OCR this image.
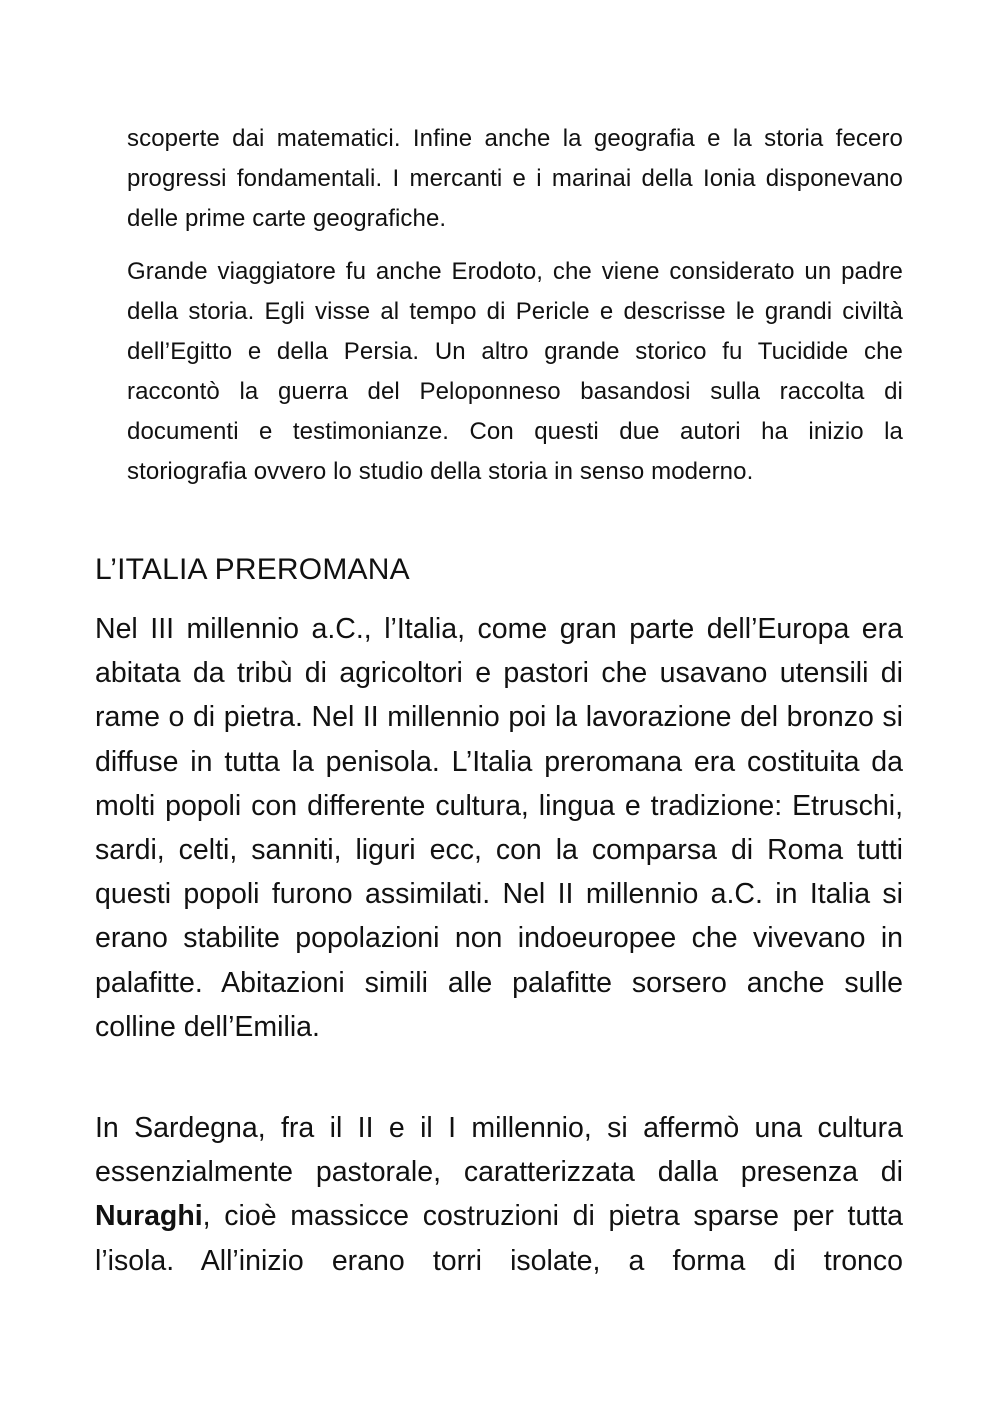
scoperte dai matematici. Infine anche la geografia e la storia fecero progressi fondamentali. I mercanti e i marinai della Ionia disponevano delle prime carte geografiche.

Grande viaggiatore fu anche Erodoto, che viene considerato un padre della storia. Egli visse al tempo di Pericle e descrisse le grandi civiltà dell’Egitto e della Persia. Un altro grande storico fu Tucidide che raccontò la guerra del Peloponneso basandosi sulla raccolta di documenti e testimonianze. Con questi due autori ha inizio la storiografia ovvero lo studio della storia in senso moderno.

L’ITALIA PREROMANA

Nel III millennio a.C., l’Italia, come gran parte dell’Europa era abitata da tribù di agricoltori e pastori che usavano utensili di rame o di pietra. Nel II millennio poi la lavorazione del bronzo si diffuse in tutta la penisola. L’Italia preromana era costituita da molti popoli con differente cultura, lingua e tradizione: Etruschi, sardi, celti, sanniti, liguri ecc, con la comparsa di Roma tutti questi popoli furono assimilati. Nel II millennio a.C. in Italia si erano stabilite popolazioni non indoeuropee che vivevano in palafitte. Abitazioni simili alle palafitte sorsero anche sulle colline dell’Emilia.

In Sardegna, fra il II e il I millennio, si affermò una cultura essenzialmente pastorale, caratterizzata dalla presenza di Nuraghi, cioè massicce costruzioni di pietra sparse per tutta l’isola. All’inizio erano torri isolate, a forma di tronco
